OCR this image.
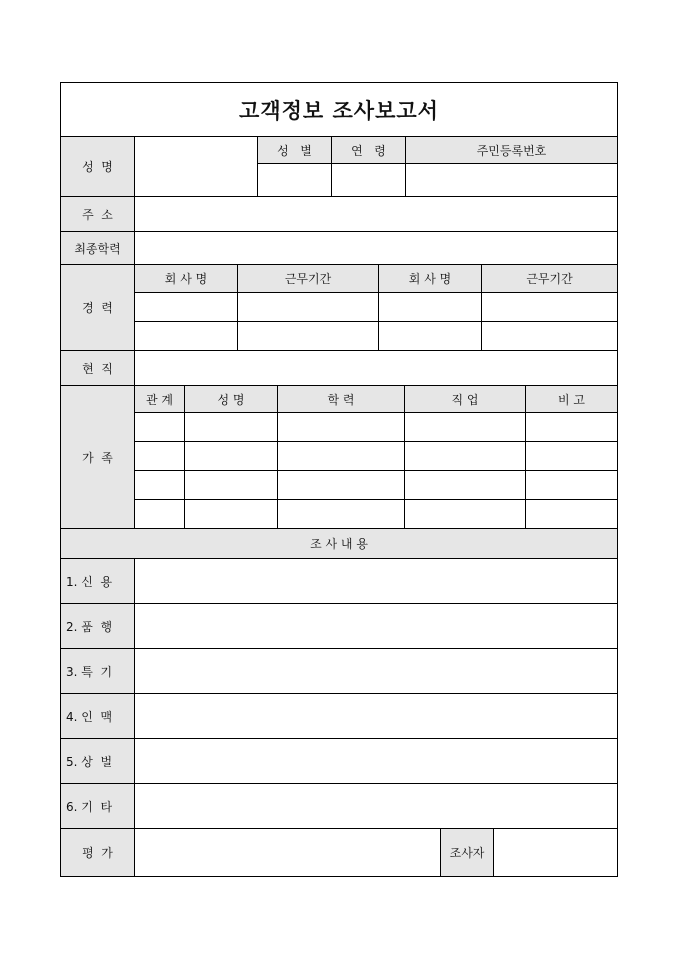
고객정보 조사보고서
성  명
성   별	연   령	주민등록번호
주  소
최종학력
경  력
회 사 명	근무기간	회 사 명	근무기간
현  직
가  족
관 계	성 명	학 력	직 업	비 고
조 사 내 용
1. 신  용
2. 품  행
3. 특  기
4. 인  맥
5. 상  벌
6. 기  타
평  가	조사자
